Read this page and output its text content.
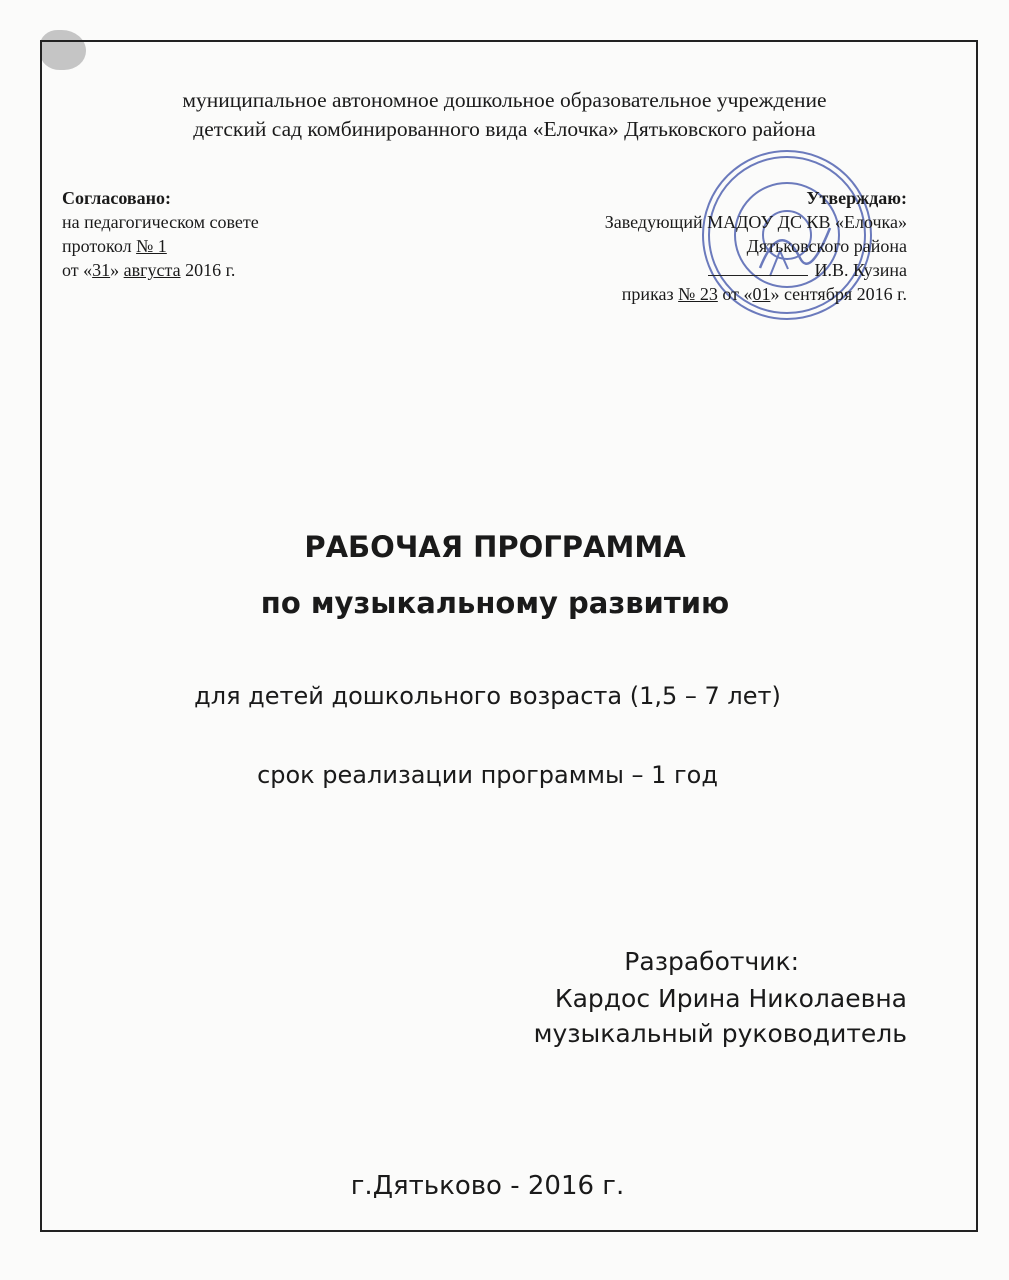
муниципальное автономное дошкольное образовательное учреждение
детский сад комбинированного вида «Елочка» Дятьковского района
Согласовано:
на педагогическом совете
протокол № 1
от «31» августа 2016 г.
Утверждаю:
Заведующий МАДОУ ДС КВ «Елочка»
Дятьковского района
И.В. Кузина
приказ № 23 от «01» сентября 2016 г.
РАБОЧАЯ ПРОГРАММА
по музыкальному развитию
для детей дошкольного возраста (1,5 – 7 лет)
срок реализации программы – 1 год
Разработчик:
Кардос Ирина Николаевна
музыкальный руководитель
г.Дятьково - 2016 г.
